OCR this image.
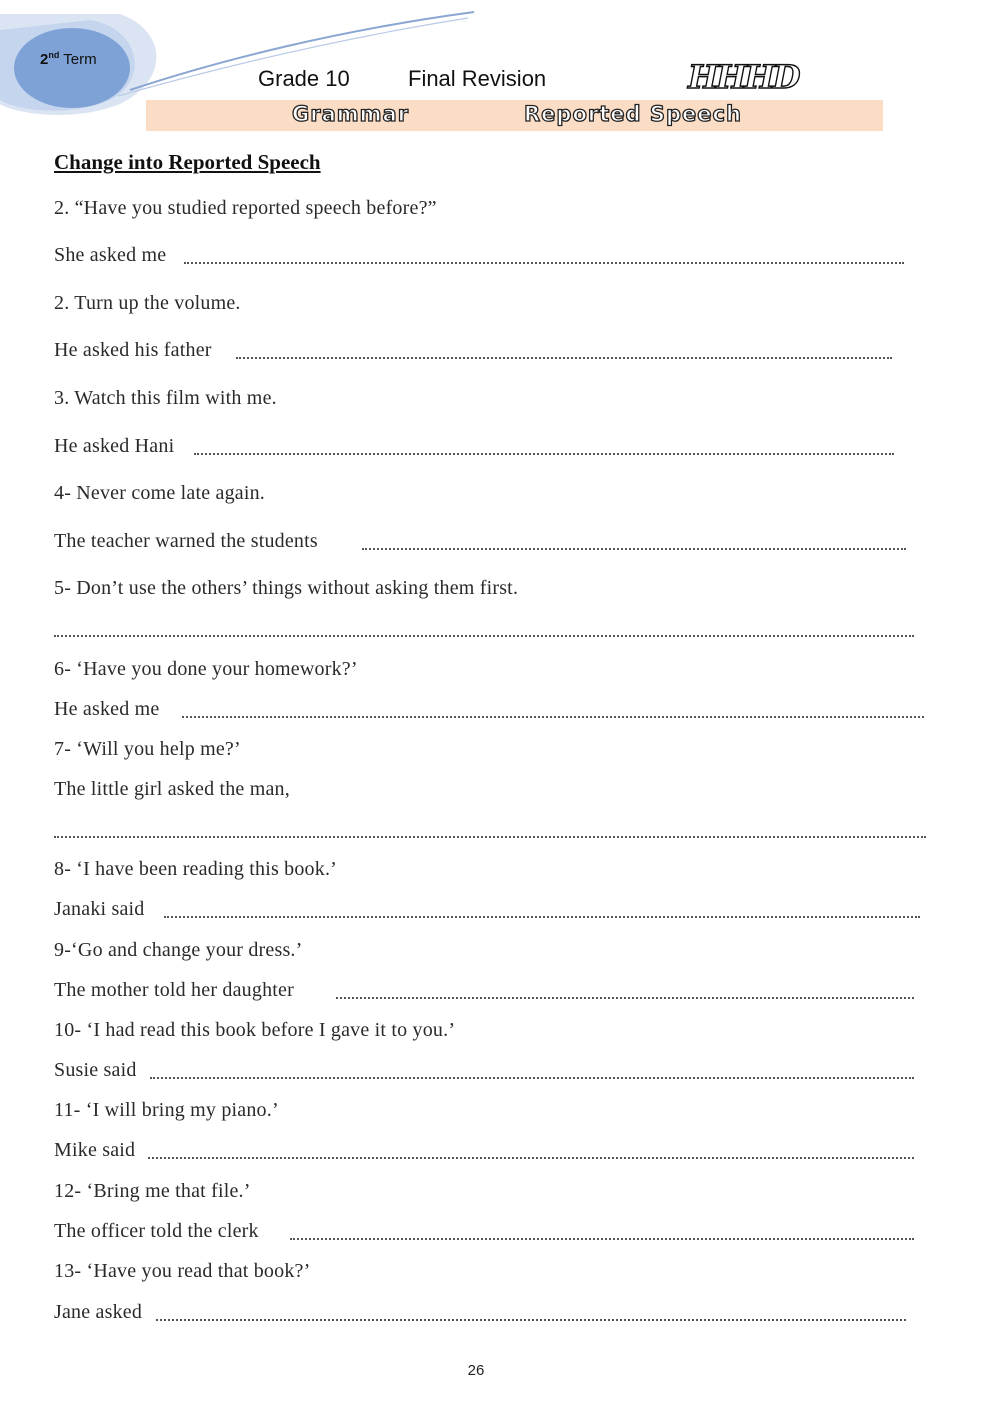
2nd Term
Grade 10	Final Revision	HHHD
Grammar	Reported Speech
Change into Reported Speech
2. “Have you studied reported speech before?”
She asked me
2. Turn up the volume.
He asked his father
3. Watch this film with me.
He asked Hani
4- Never come late again.
The teacher warned the students
5- Don’t use the others’ things without asking them first.
6- ‘Have you done your homework?’
He asked me
7- ‘Will you help me?’
The little girl asked the man,
8- ‘I have been reading this book.’
Janaki said
9-‘Go and change your dress.’
The mother told her daughter
10- ‘I had read this book before I gave it to you.’
Susie said
11- ‘I will bring my piano.’
Mike said
12- ‘Bring me that file.’
The officer told the clerk
13- ‘Have you read that book?’
Jane asked
26
